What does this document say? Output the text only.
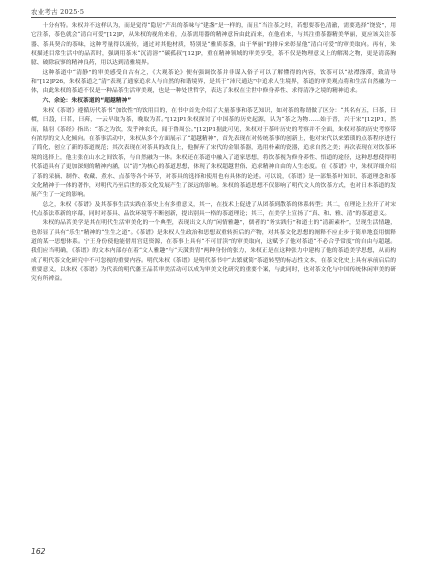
农业考古 2025·5

十分有特。朱权并不这样认为，而是觉得“隐居”产出的茶味与“建盏”是一样的，而且“当注茶之时，若想要茶色清澈，需要选择“饶瓷”，用它注茶，茶色就会“清白可爱”[12]P，从朱权的视角来看，点茶需用器的精神意旨由此而来，在他看来，与其注重茶器精美华丽，更应该关注茶器、茶具契合的茶味，这种考量得以流传，通过对其他材质，特别是“雅质茶盏，由于华丽”的排斥来彰显他“清白可爱”的审美取向。再有，朱权描述目常生活中的品茗时，强调用茶末“沉清溶”“碳孤叔”[12]P，重在精神领域的审美享受，茶不仅是物理意义上的解渴之物，更是清荡胸臆、破除寂寥的精神良药，用以达到清雅境界。

这种茶道中“清静”的审美感受自古有之，《大观茶论》便有强调饮茶并非谋入俗子可以了解懂得的内容，饮茶可以“祛襟涤滞，致清导和”[12]P26，朱权茶道之“清”表现了通家追求人与自然的和谐境界，是其于“沛尺通达”中追求人生境界，茶道的审美观点将和生活自然融为一体，由此朱权的茶道不仅是一种品茶生活审美观，也是一种处世哲学，表达了朱权在尘世中修身养性、求得清净之境的精神追求。

六、余论：朱权茶道的“超越精神”

朱权《茶谱》遵循历代茶书“加饮性”的饮用目的，在书中首先介绍了大量茶事和茶艺知识，如对茶的称谓做了区分：“其名有五，曰茶，曰檟，曰蔎，曰茗，曰荈，一云早取为茶，晚取为茗。”[12]P1朱权探讨了中国茶的历史起源，认为“茶之为物……始于晋，兴于宋”[12]P1，然而，陆羽《茶经》指出：“茶之为饮，发乎神农氏，闻于鲁周公。”[12]P1据此可见，朱权对于茶叶历史的考察并不全面，朱权对茶的历史考察带有浓厚的文人化倾向。在茶事活动中，朱权从多个方面展示了“超越精神”，首先表现在对传统茶事的创新上，他对宋代以来繁琐的点茶程序进行了简化，创立了新的茶道规范；其次表现在对茶具的改良上，他摒弃了宋代的金银茶器，选用朴素的瓷器，追求自然之美；再次表现在对饮茶环境的选择上，他主张在山水之间饮茶，与自然融为一体。朱权还在茶道中融入了道家思想，将饮茶视为修身养性、悟道的途径，这种思想使得明代茶道具有了更加深刻的精神内涵，以“清”为核心的茶道思想，体现了朱权超越世俗、追求精神自由的人生态度。在《茶谱》中，朱权详细介绍了茶的采摘、制作、收藏、煮水、点茶等各个环节，对茶具的选择和使用也有具体的论述。可以说，《茶谱》是一部集茶叶知识、茶道理念和茶文化精神于一体的著作，对明代乃至后世的茶文化发展产生了深远的影响。朱权的茶道思想不仅影响了明代文人的饮茶方式，也对日本茶道的发展产生了一定的影响。

总之，朱权《茶谱》及其茶事生活实践在茶史上有多重意义，其一，在技术上促进了从团茶到散茶的体系转型；其二，在理论上拉开了对宋代点茶法革新的序幕，同时对茶具、品饮环境等不断创新，提出别具一格的茶道理论；其三，在美学上宣扬了“真、和、雅、清”的茶道意义。

朱权的品茗美学是其在明代生活审美化的一个典型，表现出文人的“闲情雅趣”，儒者的“务实践行”和道士的“清新素朴”，呈现生活情趣，也彰显了具有“乐生”精神的“生生之道”。《茶谱》是朱权人生政治和思想双重转折后的产物，对其茶文化思想的阐释不应止步于简单地套用儒释道的某一思想体系。宁王身份使他能借用宫廷资源，在茶事上具有“不可冒渎”的审美取向，这赋予了他对茶道“不必合乎常度”的自由与超越。我们应当明确，《茶谱》的文本内部存在着“文人雅趣”与“天潢贵胄”两种身份的张力，朱权正是在这种张力中建构了他的茶道美学思想，从而构成了明代茶文化研究中不可忽视的重要内容。明代朱权《茶谱》是明代茶书中“去繁就简”茶道转型的标志性文本，在茶文化史上具有承前启后的重要意义，以朱权《茶谱》为代表的明代藩王品茗审美活动可以成为审美文化研究的重要个案，与此同时，也对茶文化与中国传统休闲审美的研究有所裨益。

162
